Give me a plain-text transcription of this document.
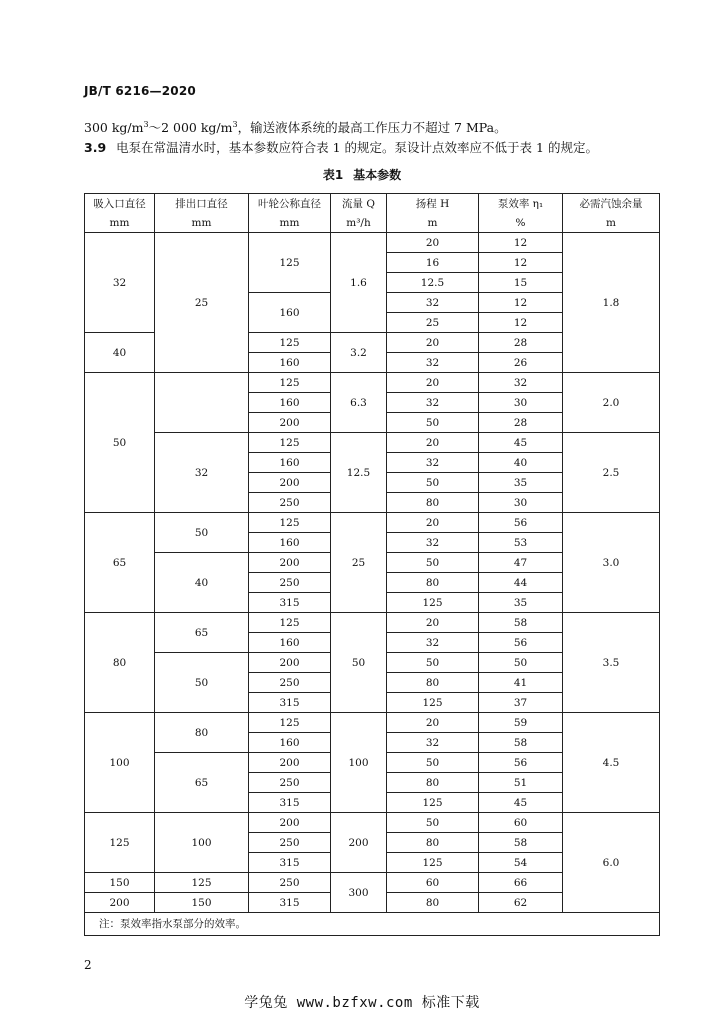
JB/T 6216—2020
300 $kg/m^3\sim 2$ 000 $kg/m^3$，输送液体系统的最高工作压力不超过 7 MPa。
3.9 电泵在常温清水时，基本参数应符合表 1 的规定。泵设计点效率应不低于表 1 的规定。
表1 基本参数
吸入口直径	排出口直径	叶轮公称直径	流量 Q	扬程 H	泵效率 η₁	必需汽蚀余量
mm	mm	mm	m³/h	m	%	m
32	25	125	1.6	20	12	1.8
				16	12	
				12.5	15	
		160		32	12	
				25	12	
40		125	3.2	20	28	
		160		32	26	
50		125	6.3	20	32	2.0
		160		32	30	
		200		50	28	
	32	125	12.5	20	45	2.5
		160		32	40	
		200		50	35	
		250		80	30	
65	50	125	25	20	56	3.0
		160		32	53	
	40	200		50	47	
		250		80	44	
		315		125	35	
80	65	125	50	20	58	3.5
		160		32	56	
	50	200		50	50	
		250		80	41	
		315		125	37	
100	80	125	100	20	59	4.5
		160		32	58	
	65	200		50	56	
		250		80	51	
		315		125	45	
125	100	200	200	50	60	6.0
		250		80	58	
		315		125	54	
150	125	250	300	60	66	
200	150	315		80	62	
注：泵效率指水泵部分的效率。						
2
学兔兔 www.bzfxw.com 标准下载
